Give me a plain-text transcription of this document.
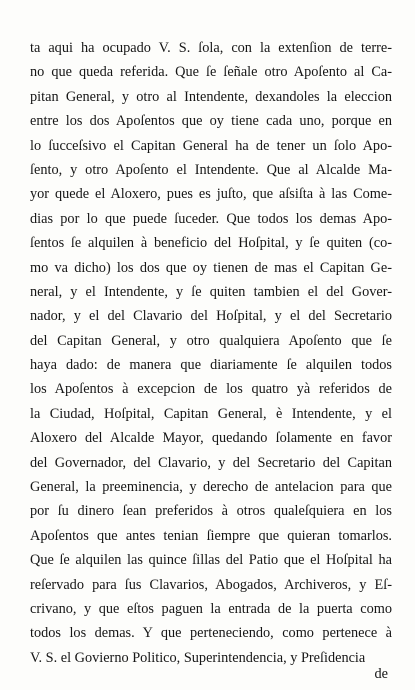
ta aqui ha ocupado V. S. ſola, con la extenſion de terre-
no que queda referida. Que ſe ſeñale otro Apoſento al Ca-
pitan General, y otro al Intendente, dexandoles la eleccion
entre los dos Apoſentos que oy tiene cada uno, porque en
lo ſucceſsivo el Capitan General ha de tener un ſolo Apo-
ſento, y otro Apoſento el Intendente. Que al Alcalde Ma-
yor quede el Aloxero, pues es juſto, que aſsiſta à las Come-
dias por lo que puede ſuceder. Que todos los demas Apo-
ſentos ſe alquilen à beneficio del Hoſpital, y ſe quiten (co-
mo va dicho) los dos que oy tienen de mas el Capitan Ge-
neral, y el Intendente, y ſe quiten tambien el del Gover-
nador, y el del Clavario del Hoſpital, y el del Secretario
del Capitan General, y otro qualquiera Apoſento que ſe
haya dado: de manera que diariamente ſe alquilen todos
los Apoſentos à excepcion de los quatro yà referidos de
la Ciudad, Hoſpital, Capitan General, è Intendente, y el
Aloxero del Alcalde Mayor, quedando ſolamente en favor
del Governador, del Clavario, y del Secretario del Capitan
General, la preeminencia, y derecho de antelacion para que
por ſu dinero ſean preferidos à otros qualeſquiera en los
Apoſentos que antes tenian ſiempre que quieran tomarlos.
Que ſe alquilen las quince ſillas del Patio que el Hoſpital ha
reſervado para ſus Clavarios, Abogados, Archiveros, y Eſ-
crivano, y que eſtos paguen la entrada de la puerta como
todos los demas. Y que perteneciendo, como pertenece à
V. S. el Govierno Politico, Superintendencia, y Preſidencia
de
